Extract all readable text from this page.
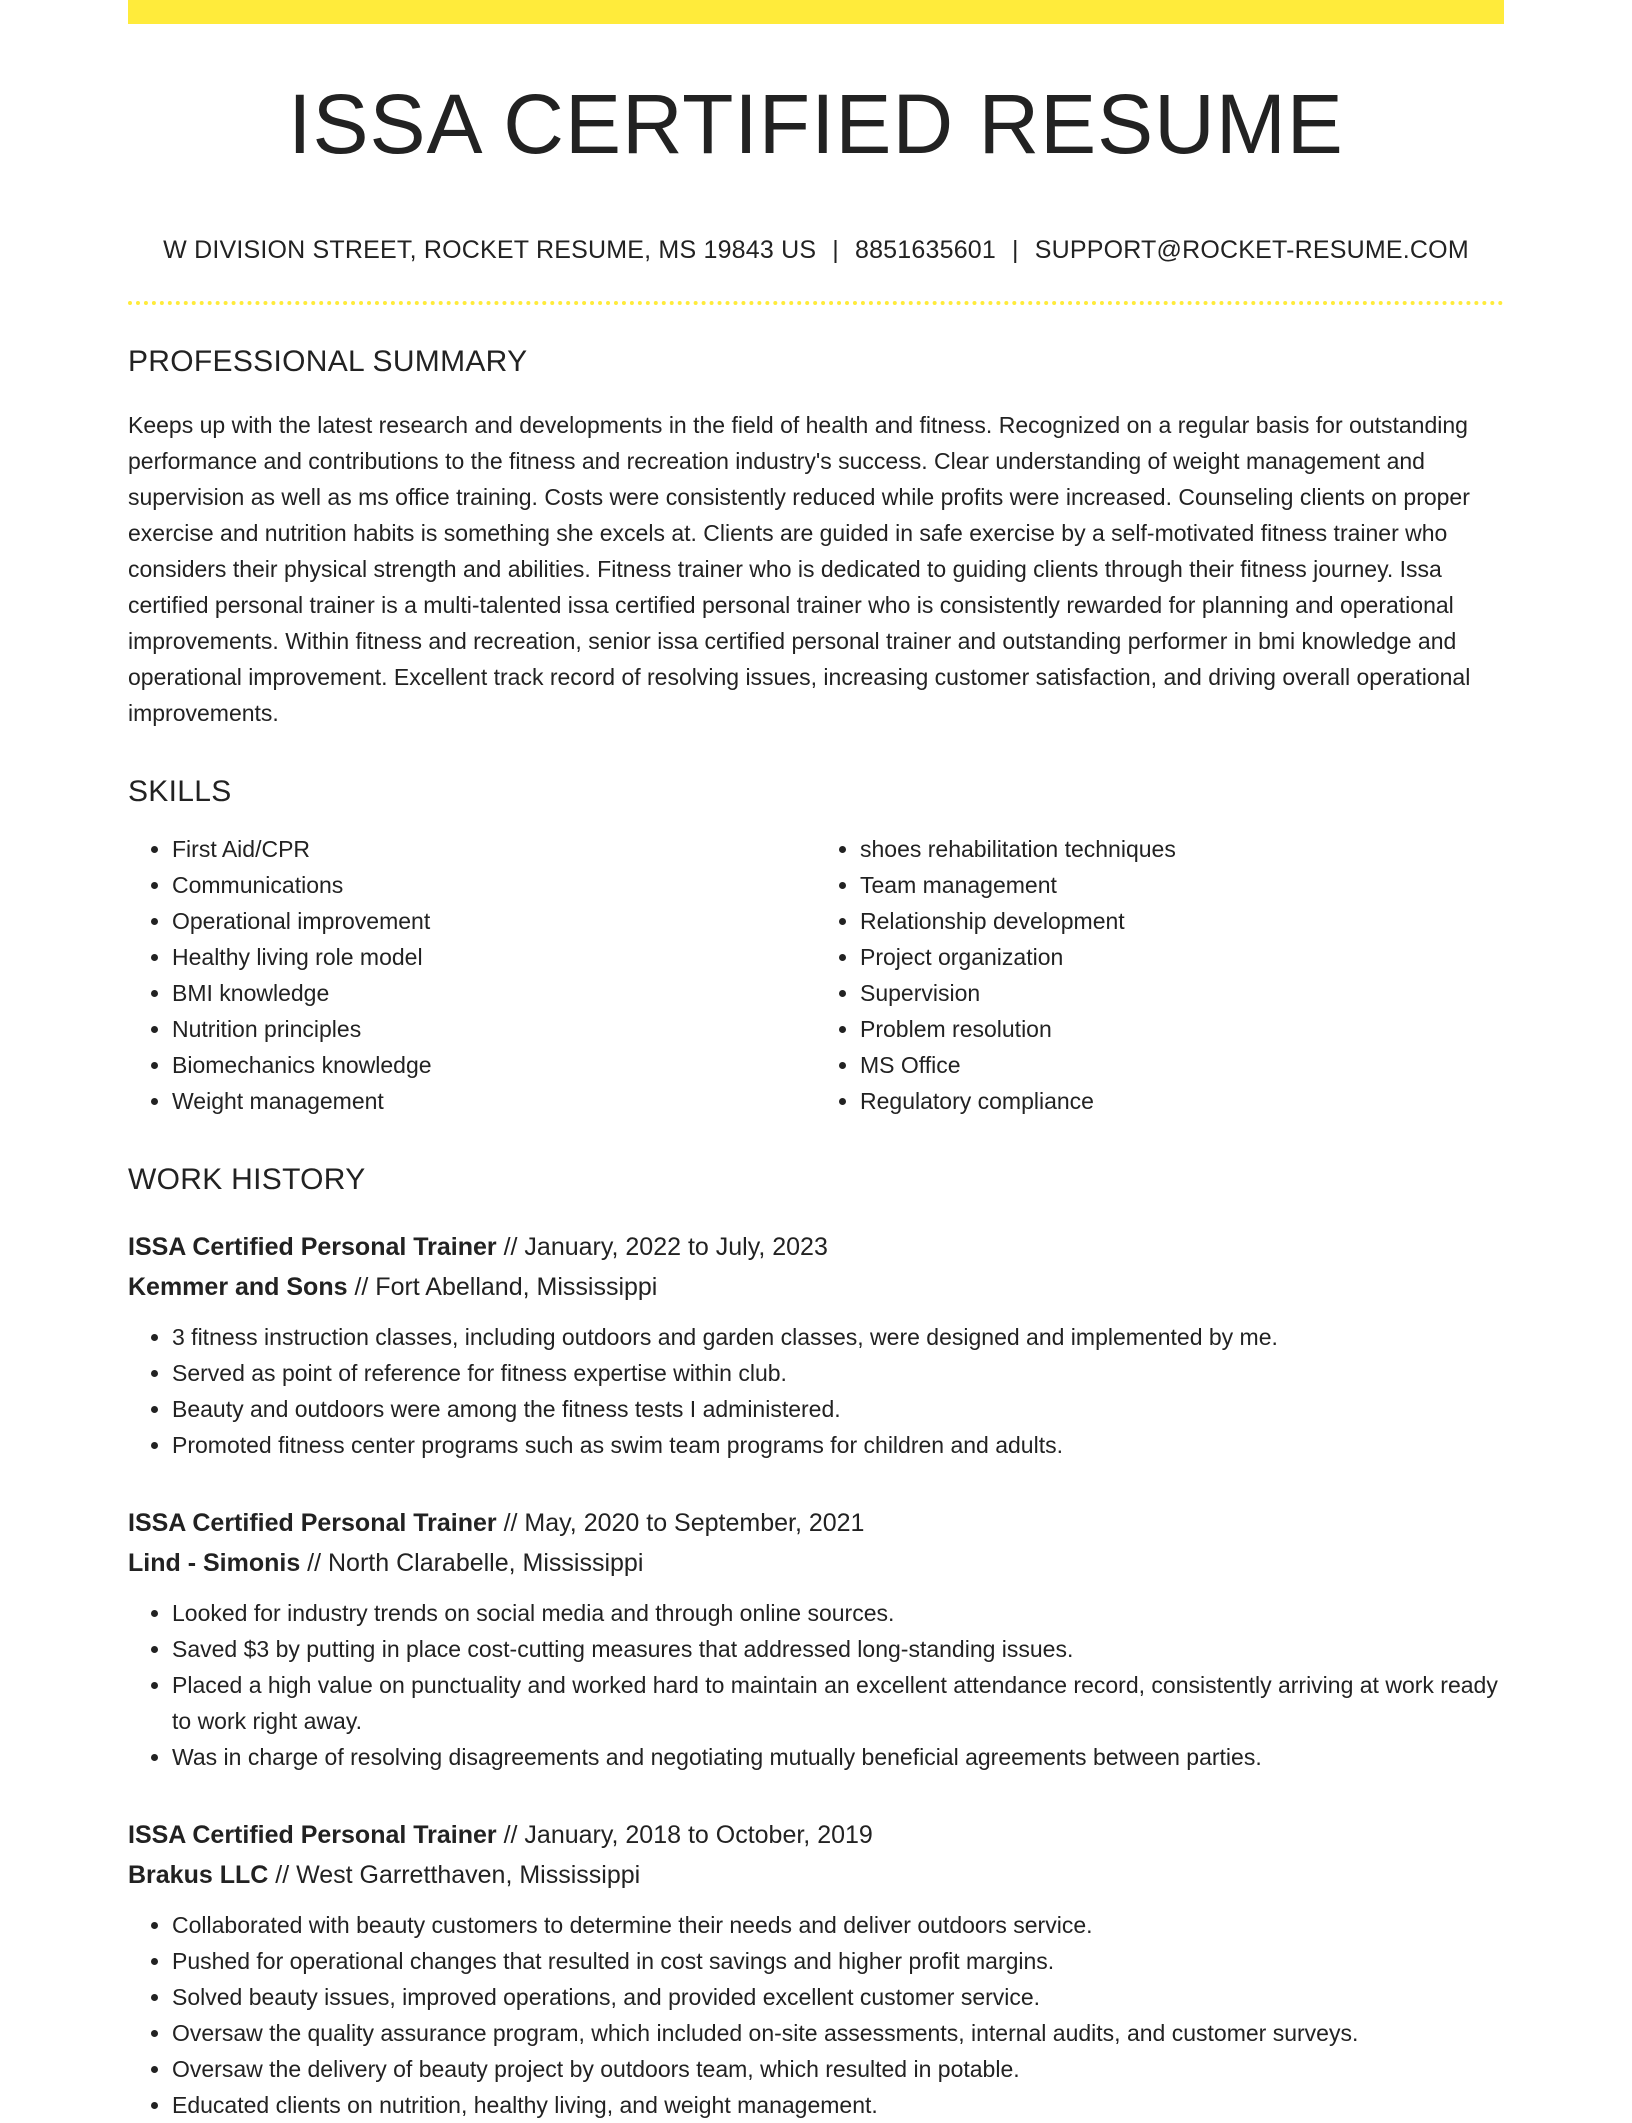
ISSA CERTIFIED RESUME
W DIVISION STREET, ROCKET RESUME, MS 19843 US | 8851635601 | SUPPORT@ROCKET-RESUME.COM
PROFESSIONAL SUMMARY
Keeps up with the latest research and developments in the field of health and fitness. Recognized on a regular basis for outstanding performance and contributions to the fitness and recreation industry's success. Clear understanding of weight management and supervision as well as ms office training. Costs were consistently reduced while profits were increased. Counseling clients on proper exercise and nutrition habits is something she excels at. Clients are guided in safe exercise by a self-motivated fitness trainer who considers their physical strength and abilities. Fitness trainer who is dedicated to guiding clients through their fitness journey. Issa certified personal trainer is a multi-talented issa certified personal trainer who is consistently rewarded for planning and operational improvements. Within fitness and recreation, senior issa certified personal trainer and outstanding performer in bmi knowledge and operational improvement. Excellent track record of resolving issues, increasing customer satisfaction, and driving overall operational improvements.
SKILLS
• First Aid/CPR
• Communications
• Operational improvement
• Healthy living role model
• BMI knowledge
• Nutrition principles
• Biomechanics knowledge
• Weight management
• shoes rehabilitation techniques
• Team management
• Relationship development
• Project organization
• Supervision
• Problem resolution
• MS Office
• Regulatory compliance
WORK HISTORY
ISSA Certified Personal Trainer // January, 2022 to July, 2023
Kemmer and Sons // Fort Abelland, Mississippi
• 3 fitness instruction classes, including outdoors and garden classes, were designed and implemented by me.
• Served as point of reference for fitness expertise within club.
• Beauty and outdoors were among the fitness tests I administered.
• Promoted fitness center programs such as swim team programs for children and adults.
ISSA Certified Personal Trainer // May, 2020 to September, 2021
Lind - Simonis // North Clarabelle, Mississippi
• Looked for industry trends on social media and through online sources.
• Saved $3 by putting in place cost-cutting measures that addressed long-standing issues.
• Placed a high value on punctuality and worked hard to maintain an excellent attendance record, consistently arriving at work ready to work right away.
• Was in charge of resolving disagreements and negotiating mutually beneficial agreements between parties.
ISSA Certified Personal Trainer // January, 2018 to October, 2019
Brakus LLC // West Garretthaven, Mississippi
• Collaborated with beauty customers to determine their needs and deliver outdoors service.
• Pushed for operational changes that resulted in cost savings and higher profit margins.
• Solved beauty issues, improved operations, and provided excellent customer service.
• Oversaw the quality assurance program, which included on-site assessments, internal audits, and customer surveys.
• Oversaw the delivery of beauty project by outdoors team, which resulted in potable.
• Educated clients on nutrition, healthy living, and weight management.
